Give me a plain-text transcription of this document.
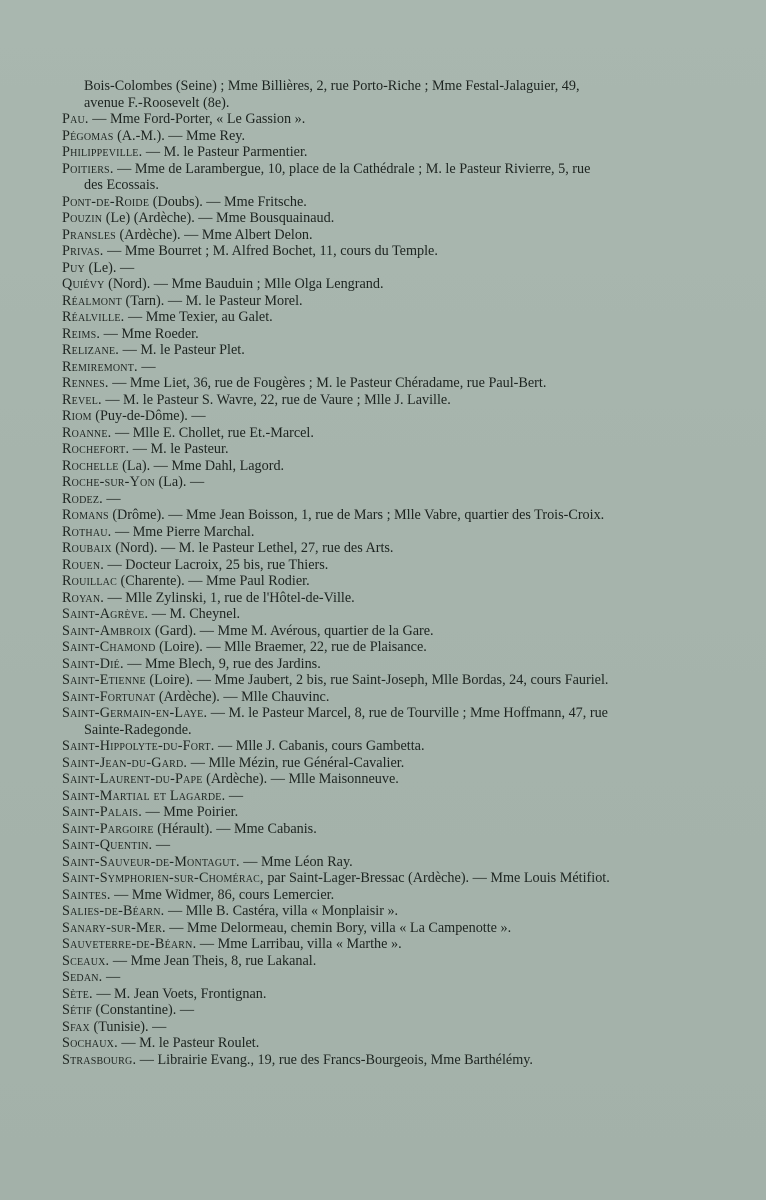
Bois-Colombes (Seine) ; Mme Billières, 2, rue Porto-Riche ; Mme Festal-Jalaguier, 49, avenue F.-Roosevelt (8e).

Pau. — Mme Ford-Porter, « Le Gassion ».

Pégomas (A.-M.). — Mme Rey.

Philippeville. — M. le Pasteur Parmentier.

Poitiers. — Mme de Larambergue, 10, place de la Cathédrale ; M. le Pasteur Rivierre, 5, rue des Ecossais.

Pont-de-Roide (Doubs). — Mme Fritsche.

Pouzin (Le) (Ardèche). — Mme Bousquainaud.

Pransles (Ardèche). — Mme Albert Delon.

Privas. — Mme Bourret ; M. Alfred Bochet, 11, cours du Temple.

Puy (Le). —

Quiévy (Nord). — Mme Bauduin ; Mlle Olga Lengrand.

Réalmont (Tarn). — M. le Pasteur Morel.

Réalville. — Mme Texier, au Galet.

Reims. — Mme Roeder.

Relizane. — M. le Pasteur Plet.

Remiremont. —

Rennes. — Mme Liet, 36, rue de Fougères ; M. le Pasteur Chéradame, rue Paul-Bert.

Revel. — M. le Pasteur S. Wavre, 22, rue de Vaure ; Mlle J. Laville.

Riom (Puy-de-Dôme). —

Roanne. — Mlle E. Chollet, rue Et.-Marcel.

Rochefort. — M. le Pasteur.

Rochelle (La). — Mme Dahl, Lagord.

Roche-sur-Yon (La). —

Rodez. —

Romans (Drôme). — Mme Jean Boisson, 1, rue de Mars ; Mlle Vabre, quartier des Trois-Croix.

Rothau. — Mme Pierre Marchal.

Roubaix (Nord). — M. le Pasteur Lethel, 27, rue des Arts.

Rouen. — Docteur Lacroix, 25 bis, rue Thiers.

Rouillac (Charente). — Mme Paul Rodier.

Royan. — Mlle Zylinski, 1, rue de l'Hôtel-de-Ville.

Saint-Agrève. — M. Cheynel.

Saint-Ambroix (Gard). — Mme M. Avérous, quartier de la Gare.

Saint-Chamond (Loire). — Mlle Braemer, 22, rue de Plaisance.

Saint-Dié. — Mme Blech, 9, rue des Jardins.

Saint-Etienne (Loire). — Mme Jaubert, 2 bis, rue Saint-Joseph, Mlle Bordas, 24, cours Fauriel.

Saint-Fortunat (Ardèche). — Mlle Chauvinc.

Saint-Germain-en-Laye. — M. le Pasteur Marcel, 8, rue de Tourville ; Mme Hoffmann, 47, rue Sainte-Radegonde.

Saint-Hippolyte-du-Fort. — Mlle J. Cabanis, cours Gambetta.

Saint-Jean-du-Gard. — Mlle Mézin, rue Général-Cavalier.

Saint-Laurent-du-Pape (Ardèche). — Mlle Maisonneuve.

Saint-Martial et Lagarde. —

Saint-Palais. — Mme Poirier.

Saint-Pargoire (Hérault). — Mme Cabanis.

Saint-Quentin. —

Saint-Sauveur-de-Montagut. — Mme Léon Ray.

Saint-Symphorien-sur-Chomérac, par Saint-Lager-Bressac (Ardèche). — Mme Louis Métifiot.

Saintes. — Mme Widmer, 86, cours Lemercier.

Salies-de-Béarn. — Mlle B. Castéra, villa « Monplaisir ».

Sanary-sur-Mer. — Mme Delormeau, chemin Bory, villa « La Campenotte ».

Sauveterre-de-Béarn. — Mme Larribau, villa « Marthe ».

Sceaux. — Mme Jean Theis, 8, rue Lakanal.

Sedan. —

Sète. — M. Jean Voets, Frontignan.

Sétif (Constantine). —

Sfax (Tunisie). —

Sochaux. — M. le Pasteur Roulet.

Strasbourg. — Librairie Evang., 19, rue des Francs-Bourgeois, Mme Barthélémy.
